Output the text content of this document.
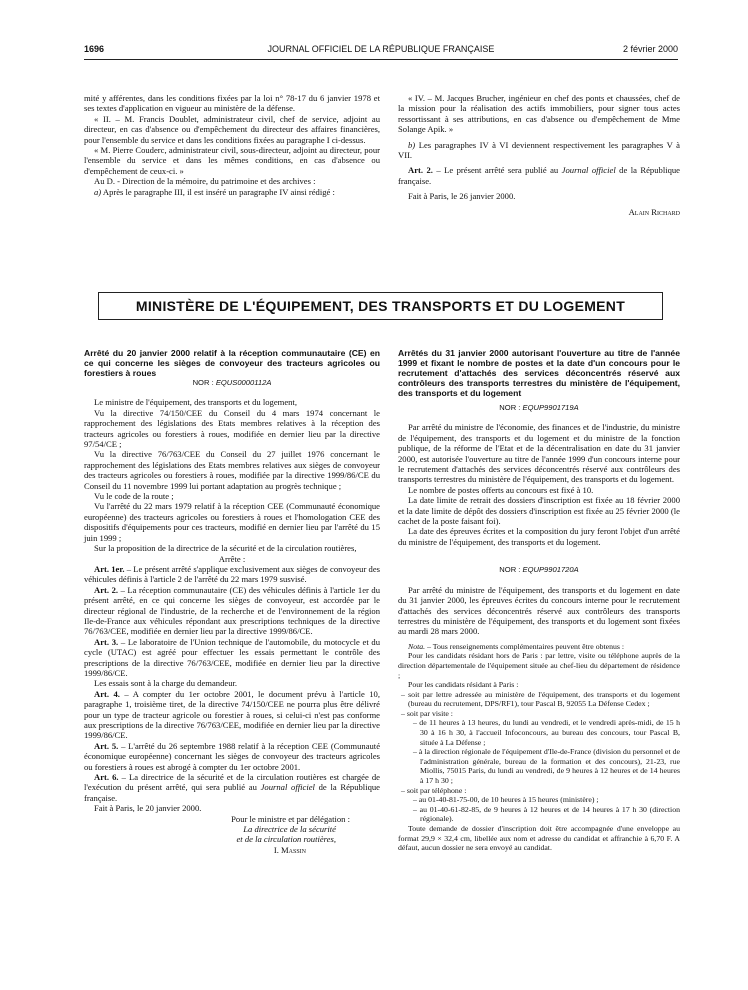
1696	JOURNAL OFFICIEL DE LA RÉPUBLIQUE FRANÇAISE	2 février 2000

mité y afférentes, dans les conditions fixées par la loi n° 78-17 du 6 janvier 1978 et ses textes d'application en vigueur au ministère de la défense.

« II. – M. Francis Doublet, administrateur civil, chef de service, adjoint au directeur, en cas d'absence ou d'empêchement du directeur des affaires financières, pour l'ensemble du service et dans les conditions fixées au paragraphe I ci-dessus.

« M. Pierre Couderc, administrateur civil, sous-directeur, adjoint au directeur, pour l'ensemble du service et dans les mêmes conditions, en cas d'absence ou d'empêchement de ceux-ci. »

Au D. - Direction de la mémoire, du patrimoine et des archives :

a) Après le paragraphe III, il est inséré un paragraphe IV ainsi rédigé :

« IV. – M. Jacques Brucher, ingénieur en chef des ponts et chaussées, chef de la mission pour la réalisation des actifs immobiliers, pour signer tous actes ressortissant à ses attributions, en cas d'absence ou d'empêchement de Mme Solange Apik. »

b) Les paragraphes IV à VI deviennent respectivement les paragraphes V à VII.

Art. 2. – Le présent arrêté sera publié au Journal officiel de la République française.

Fait à Paris, le 26 janvier 2000.

Alain Richard
MINISTÈRE DE L'ÉQUIPEMENT, DES TRANSPORTS ET DU LOGEMENT

Arrêté du 20 janvier 2000 relatif à la réception communautaire (CE) en ce qui concerne les sièges de convoyeur des tracteurs agricoles ou forestiers à roues

NOR : EQUS0000112A

Le ministre de l'équipement, des transports et du logement,

Vu la directive 74/150/CEE du Conseil du 4 mars 1974 concernant le rapprochement des législations des Etats membres relatives à la réception des tracteurs agricoles ou forestiers à roues, modifiée en dernier lieu par la directive 97/54/CE ;

Vu la directive 76/763/CEE du Conseil du 27 juillet 1976 concernant le rapprochement des législations des Etats membres relatives aux sièges de convoyeur des tracteurs agricoles ou forestiers à roues, modifiée par la directive 1999/86/CE du Conseil du 11 novembre 1999 lui portant adaptation au progrès technique ;

Vu le code de la route ;

Vu l'arrêté du 22 mars 1979 relatif à la réception CEE (Communauté économique européenne) des tracteurs agricoles ou forestiers à roues et l'homologation CEE des dispositifs d'équipements pour ces tracteurs, modifié en dernier lieu par l'arrêté du 15 juin 1999 ;

Sur la proposition de la directrice de la sécurité et de la circulation routières,

Arrête :

Art. 1er. – Le présent arrêté s'applique exclusivement aux sièges de convoyeur des véhicules définis à l'article 2 de l'arrêté du 22 mars 1979 susvisé.

Art. 2. – La réception communautaire (CE) des véhicules définis à l'article 1er du présent arrêté, en ce qui concerne les sièges de convoyeur, est accordée par le directeur régional de l'industrie, de la recherche et de l'environnement de la région Ile-de-France aux véhicules répondant aux prescriptions techniques de la directive 76/763/CEE, modifiée en dernier lieu par la directive 1999/86/CE.

Art. 3. – Le laboratoire de l'Union technique de l'automobile, du motocycle et du cycle (UTAC) est agréé pour effectuer les essais permettant le contrôle des prescriptions de la directive 76/763/CEE, modifiée en dernier lieu par la directive 1999/86/CE.

Les essais sont à la charge du demandeur.

Art. 4. – A compter du 1er octobre 2001, le document prévu à l'article 10, paragraphe 1, troisième tiret, de la directive 74/150/CEE ne pourra plus être délivré pour un type de tracteur agricole ou forestier à roues, si celui-ci n'est pas conforme aux prescriptions de la directive 76/763/CEE, modifiée en dernier lieu par la directive 1999/86/CE.

Art. 5. – L'arrêté du 26 septembre 1988 relatif à la réception CEE (Communauté économique européenne) concernant les sièges de convoyeur des tracteurs agricoles ou forestiers à roues est abrogé à compter du 1er octobre 2001.

Art. 6. – La directrice de la sécurité et de la circulation routières est chargée de l'exécution du présent arrêté, qui sera publié au Journal officiel de la République française.

Fait à Paris, le 20 janvier 2000.

Pour le ministre et par délégation :

La directrice de la sécurité

et de la circulation routières,

I. Massin

Arrêtés du 31 janvier 2000 autorisant l'ouverture au titre de l'année 1999 et fixant le nombre de postes et la date d'un concours pour le recrutement d'attachés des services déconcentrés réservé aux contrôleurs des transports terrestres du ministère de l'équipement, des transports et du logement

NOR : EQUP9901719A

Par arrêté du ministre de l'économie, des finances et de l'industrie, du ministre de l'équipement, des transports et du logement et du ministre de la fonction publique, de la réforme de l'Etat et de la décentralisation en date du 31 janvier 2000, est autorisée l'ouverture au titre de l'année 1999 d'un concours interne pour le recrutement d'attachés des services déconcentrés réservé aux contrôleurs des transports terrestres du ministère de l'équipement, des transports et du logement.

Le nombre de postes offerts au concours est fixé à 10.

La date limite de retrait des dossiers d'inscription est fixée au 18 février 2000 et la date limite de dépôt des dossiers d'inscription est fixée au 25 février 2000 (le cachet de la poste faisant foi).

La date des épreuves écrites et la composition du jury feront l'objet d'un arrêté du ministre de l'équipement, des transports et du logement.

NOR : EQUP9901720A

Par arrêté du ministre de l'équipement, des transports et du logement en date du 31 janvier 2000, les épreuves écrites du concours interne pour le recrutement d'attachés des services déconcentrés réservé aux contrôleurs des transports terrestres du ministère de l'équipement, des transports et du logement sont fixées au mardi 28 mars 2000.

Nota. – Tous renseignements complémentaires peuvent être obtenus :

Pour les candidats résidant hors de Paris : par lettre, visite ou téléphone auprès de la direction départementale de l'équipement située au chef-lieu du département de résidence ;

Pour les candidats résidant à Paris :

– soit par lettre adressée au ministère de l'équipement, des transports et du logement (bureau du recrutement, DPS/RF1), tour Pascal B, 92055 La Défense Cedex ;
– soit par visite :
– de 11 heures à 13 heures, du lundi au vendredi, et le vendredi après-midi, de 15 h 30 à 16 h 30, à l'accueil Infoconcours, au bureau des concours, tour Pascal B, située à La Défense ;
– à la direction régionale de l'équipement d'Ile-de-France (division du personnel et de l'administration générale, bureau de la formation et des concours), 21-23, rue Miollis, 75015 Paris, du lundi au vendredi, de 9 heures à 12 heures et de 14 heures à 17 h 30 ;
– soit par téléphone :
– au 01-40-81-75-00, de 10 heures à 15 heures (ministère) ;
– au 01-40-61-82-85, de 9 heures à 12 heures et de 14 heures à 17 h 30 (direction régionale).

Toute demande de dossier d'inscription doit être accompagnée d'une enveloppe au format 29,9 × 32,4 cm, libellée aux nom et adresse du candidat et affranchie à 6,70 F. A défaut, aucun dossier ne sera envoyé au candidat.
